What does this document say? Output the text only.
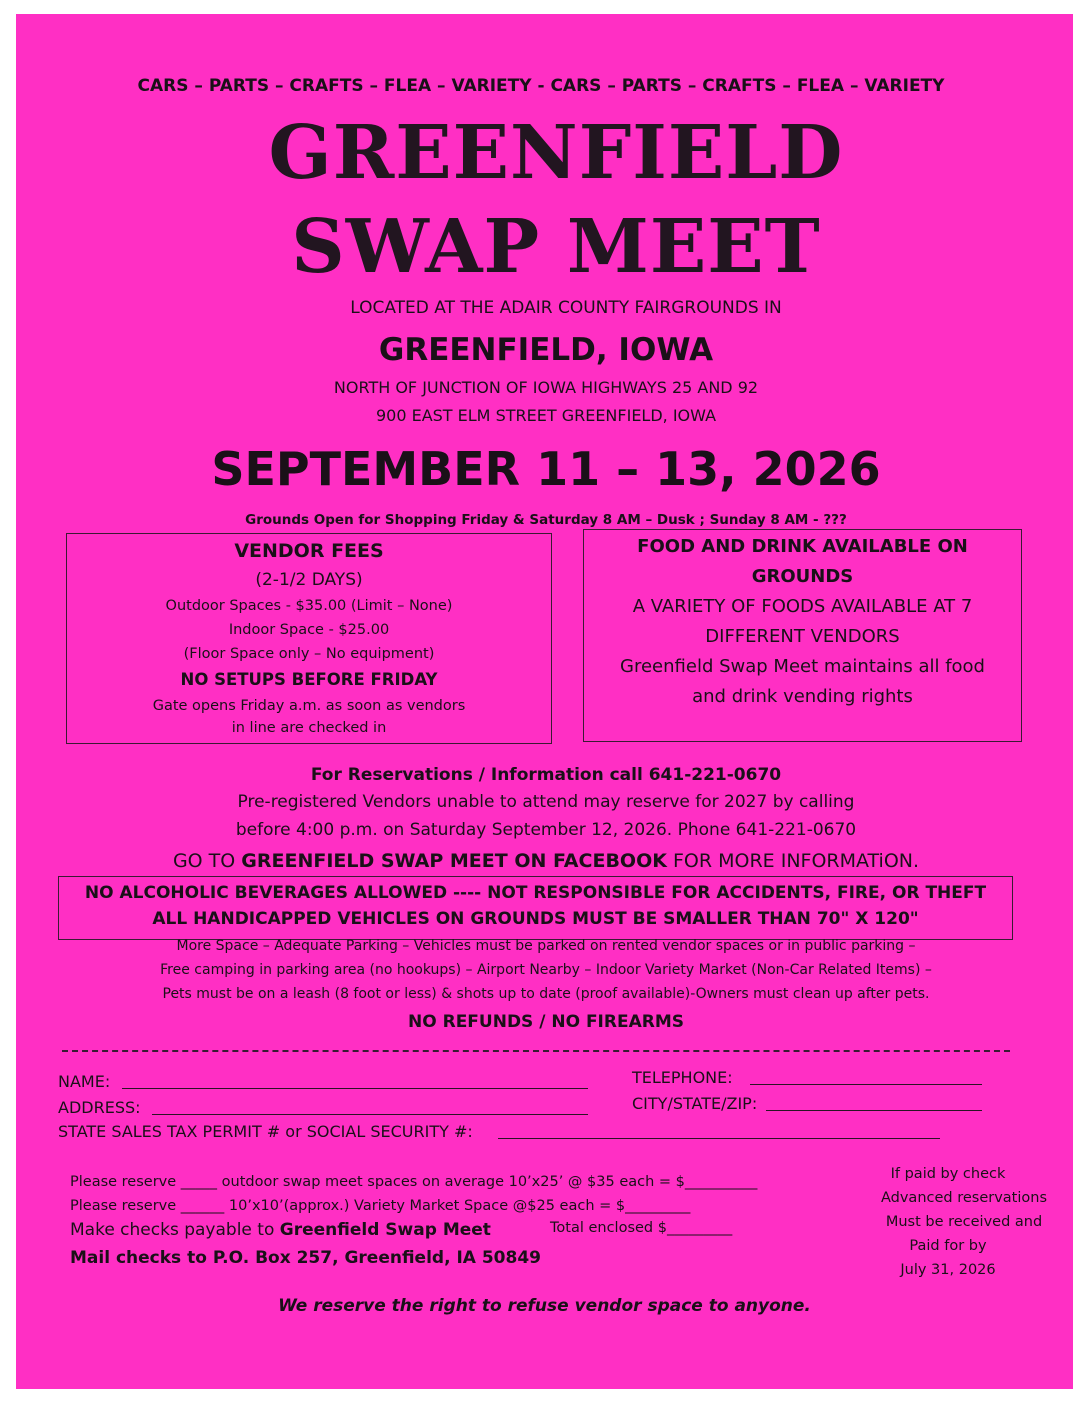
CARS – PARTS – CRAFTS – FLEA – VARIETY - CARS – PARTS – CRAFTS – FLEA – VARIETY
GREENFIELD
SWAP MEET
LOCATED AT THE ADAIR COUNTY FAIRGROUNDS IN
GREENFIELD, IOWA
NORTH OF JUNCTION OF IOWA HIGHWAYS 25 AND 92
900 EAST ELM STREET GREENFIELD, IOWA
SEPTEMBER 11 – 13, 2026
Grounds Open for Shopping Friday & Saturday 8 AM – Dusk ; Sunday 8 AM - ???
VENDOR FEES
(2-1/2 DAYS)
Outdoor Spaces - $35.00 (Limit – None)
Indoor Space - $25.00
(Floor Space only – No equipment)
NO SETUPS BEFORE FRIDAY
Gate opens Friday a.m. as soon as vendors
in line are checked in
FOOD AND DRINK AVAILABLE ON
GROUNDS
A VARIETY OF FOODS AVAILABLE AT 7
DIFFERENT VENDORS
Greenfield Swap Meet maintains all food
and drink vending rights
For Reservations / Information call 641-221-0670
Pre-registered Vendors unable to attend may reserve for 2027 by calling
before 4:00 p.m. on Saturday September 12, 2026. Phone 641-221-0670
GO TO GREENFIELD SWAP MEET ON FACEBOOK FOR MORE INFORMATiON.
NO ALCOHOLIC BEVERAGES ALLOWED ---- NOT RESPONSIBLE FOR ACCIDENTS, FIRE, OR THEFT
ALL HANDICAPPED VEHICLES ON GROUNDS MUST BE SMALLER THAN 70" X 120"
More Space – Adequate Parking – Vehicles must be parked on rented vendor spaces or in public parking –
Free camping in parking area (no hookups) – Airport Nearby – Indoor Variety Market (Non-Car Related Items) –
Pets must be on a leash (8 foot or less) & shots up to date (proof available)-Owners must clean up after pets.
NO REFUNDS / NO FIREARMS
NAME:
ADDRESS:
TELEPHONE:
CITY/STATE/ZIP:
STATE SALES TAX PERMIT # or SOCIAL SECURITY #:
Please reserve _____ outdoor swap meet spaces on average 10’x25’ @ $35 each = $__________
Please reserve ______ 10’x10’(approx.) Variety Market Space @$25 each = $_________
Make checks payable to Greenfield Swap Meet	Total enclosed $_________
Mail checks to P.O. Box 257, Greenfield, IA 50849
If paid by check
Advanced reservations
Must be received and
Paid for by
July 31, 2026
We reserve the right to refuse vendor space to anyone.
